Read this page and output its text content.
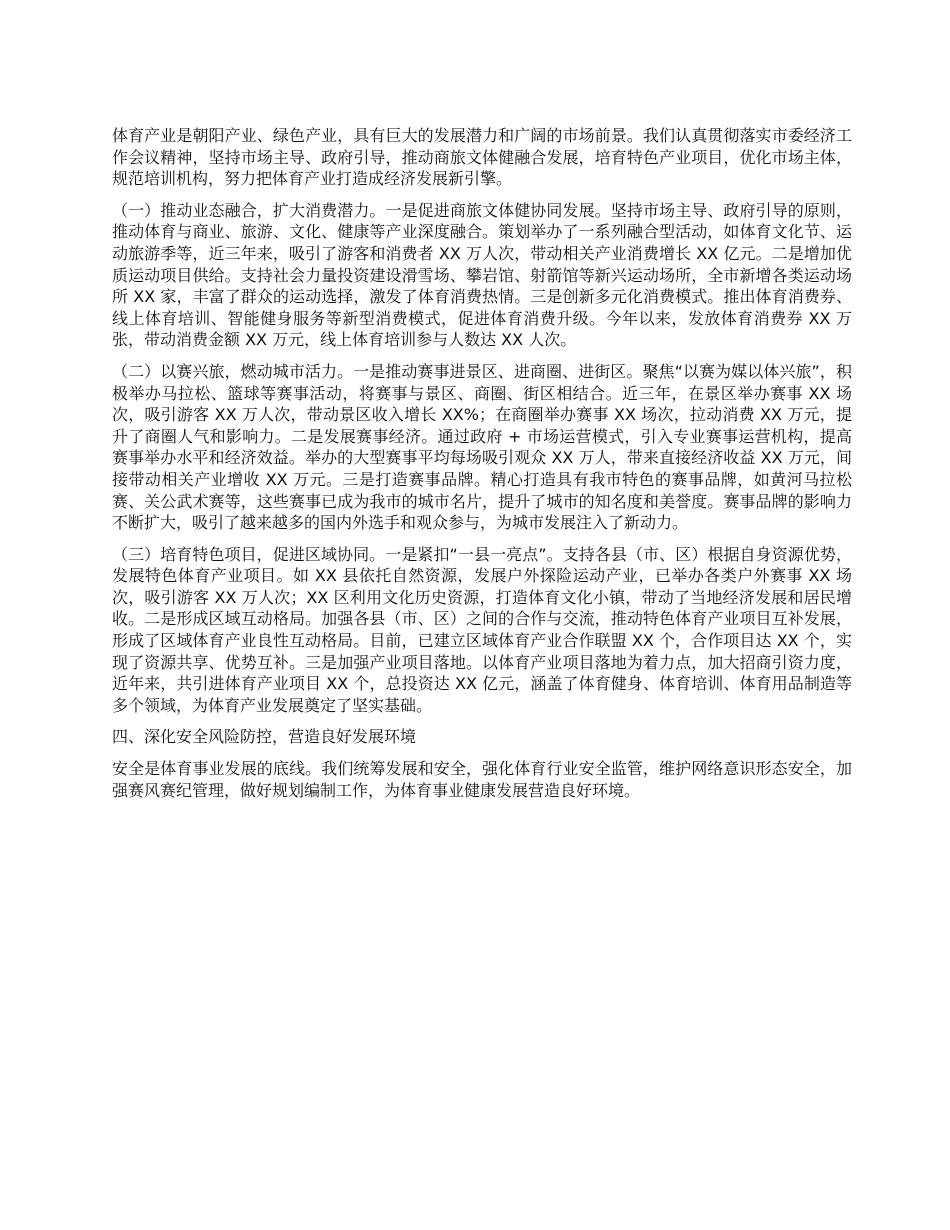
体育产业是朝阳产业、绿色产业，具有巨大的发展潜力和广阔的市场前景。我们认真贯彻落实市委经济工作会议精神，坚持市场主导、政府引导，推动商旅文体健融合发展，培育特色产业项目，优化市场主体，规范培训机构，努力把体育产业打造成经济发展新引擎。

（一）推动业态融合，扩大消费潜力。一是促进商旅文体健协同发展。坚持市场主导、政府引导的原则，推动体育与商业、旅游、文化、健康等产业深度融合。策划举办了一系列融合型活动，如体育文化节、运动旅游季等，近三年来，吸引了游客和消费者 XX 万人次，带动相关产业消费增长 XX 亿元。二是增加优质运动项目供给。支持社会力量投资建设滑雪场、攀岩馆、射箭馆等新兴运动场所，全市新增各类运动场所 XX 家，丰富了群众的运动选择，激发了体育消费热情。三是创新多元化消费模式。推出体育消费券、线上体育培训、智能健身服务等新型消费模式，促进体育消费升级。今年以来，发放体育消费券 XX 万张，带动消费金额 XX 万元，线上体育培训参与人数达 XX 人次。

（二）以赛兴旅，燃动城市活力。一是推动赛事进景区、进商圈、进街区。聚焦“以赛为媒以体兴旅”，积极举办马拉松、篮球等赛事活动，将赛事与景区、商圈、街区相结合。近三年，在景区举办赛事 XX 场次，吸引游客 XX 万人次，带动景区收入增长 XX%；在商圈举办赛事 XX 场次，拉动消费 XX 万元，提升了商圈人气和影响力。二是发展赛事经济。通过政府 + 市场运营模式，引入专业赛事运营机构，提高赛事举办水平和经济效益。举办的大型赛事平均每场吸引观众 XX 万人，带来直接经济收益 XX 万元，间接带动相关产业增收 XX 万元。三是打造赛事品牌。精心打造具有我市特色的赛事品牌，如黄河马拉松赛、关公武术赛等，这些赛事已成为我市的城市名片，提升了城市的知名度和美誉度。赛事品牌的影响力不断扩大，吸引了越来越多的国内外选手和观众参与，为城市发展注入了新动力。

（三）培育特色项目，促进区域协同。一是紧扣“一县一亮点”。支持各县（市、区）根据自身资源优势，发展特色体育产业项目。如 XX 县依托自然资源，发展户外探险运动产业，已举办各类户外赛事 XX 场次，吸引游客 XX 万人次；XX 区利用文化历史资源，打造体育文化小镇，带动了当地经济发展和居民增收。二是形成区域互动格局。加强各县（市、区）之间的合作与交流，推动特色体育产业项目互补发展，形成了区域体育产业良性互动格局。目前，已建立区域体育产业合作联盟 XX 个，合作项目达 XX 个，实现了资源共享、优势互补。三是加强产业项目落地。以体育产业项目落地为着力点，加大招商引资力度，近年来，共引进体育产业项目 XX 个，总投资达 XX 亿元，涵盖了体育健身、体育培训、体育用品制造等多个领域，为体育产业发展奠定了坚实基础。

四、深化安全风险防控，营造良好发展环境

安全是体育事业发展的底线。我们统筹发展和安全，强化体育行业安全监管，维护网络意识形态安全，加强赛风赛纪管理，做好规划编制工作，为体育事业健康发展营造良好环境。
